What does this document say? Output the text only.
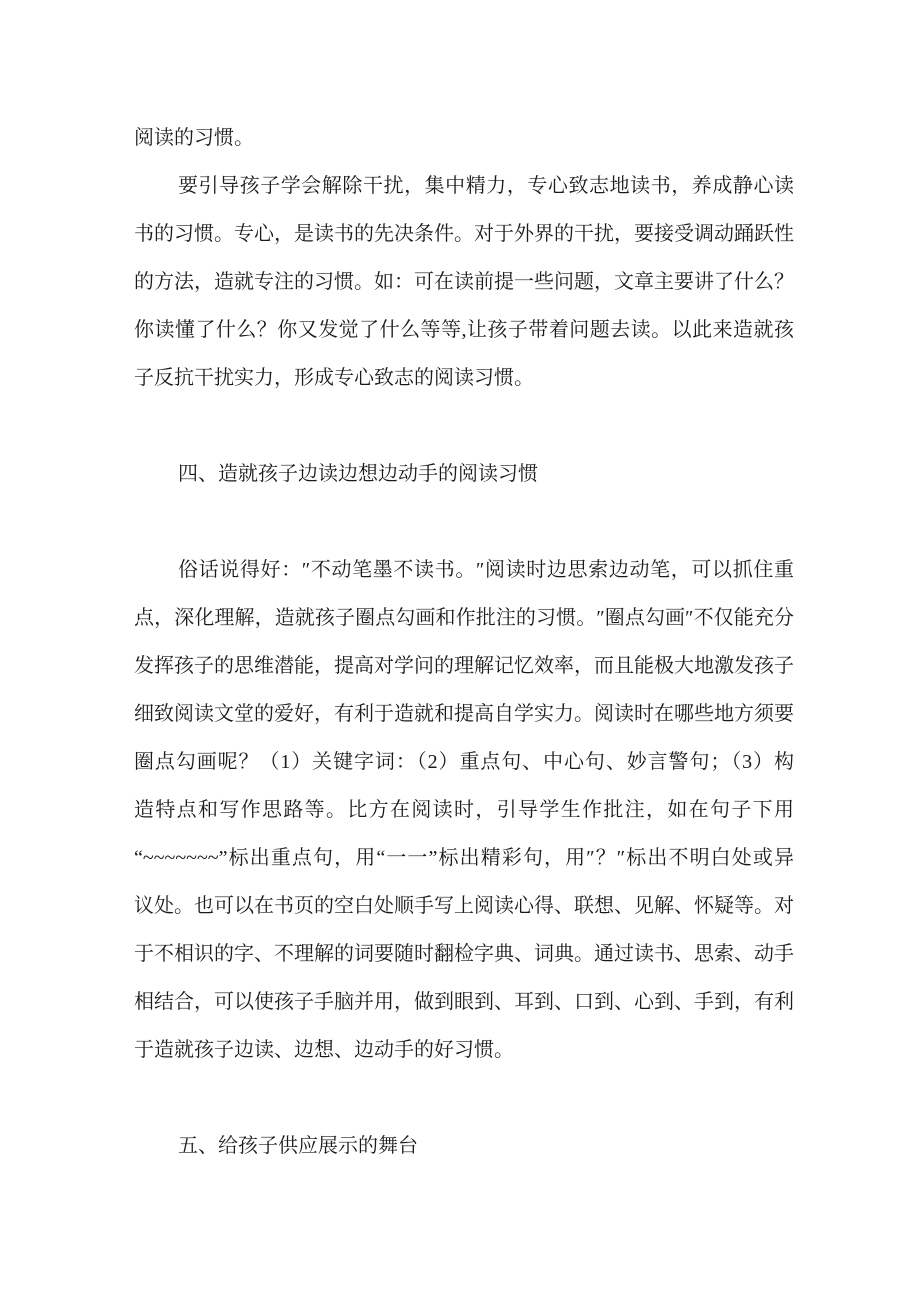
阅读的习惯。
要引导孩子学会解除干扰，集中精力，专心致志地读书，养成静心读
书的习惯。专心，是读书的先决条件。对于外界的干扰，要接受调动踊跃性
的方法，造就专注的习惯。如：可在读前提一些问题，文章主要讲了什么？
你读懂了什么？你又发觉了什么等等,让孩子带着问题去读。以此来造就孩
子反抗干扰实力，形成专心致志的阅读习惯。
四、造就孩子边读边想边动手的阅读习惯
俗话说得好：″不动笔墨不读书。″阅读时边思索边动笔，可以抓住重
点，深化理解，造就孩子圈点勾画和作批注的习惯。″圈点勾画″不仅能充分
发挥孩子的思维潜能，提高对学问的理解记忆效率，而且能极大地激发孩子
细致阅读文堂的爱好，有利于造就和提高自学实力。阅读时在哪些地方须要
圈点勾画呢？（1）关键字词：（2）重点句、中心句、妙言警句；（3）构
造特点和写作思路等。比方在阅读时，引导学生作批注，如在句子下用
“~~~~~~~”标出重点句，用“一一”标出精彩句，用″？″标出不明白处或异
议处。也可以在书页的空白处顺手写上阅读心得、联想、见解、怀疑等。对
于不相识的字、不理解的词要随时翻检字典、词典。通过读书、思索、动手
相结合，可以使孩子手脑并用，做到眼到、耳到、口到、心到、手到，有利
于造就孩子边读、边想、边动手的好习惯。
五、给孩子供应展示的舞台
